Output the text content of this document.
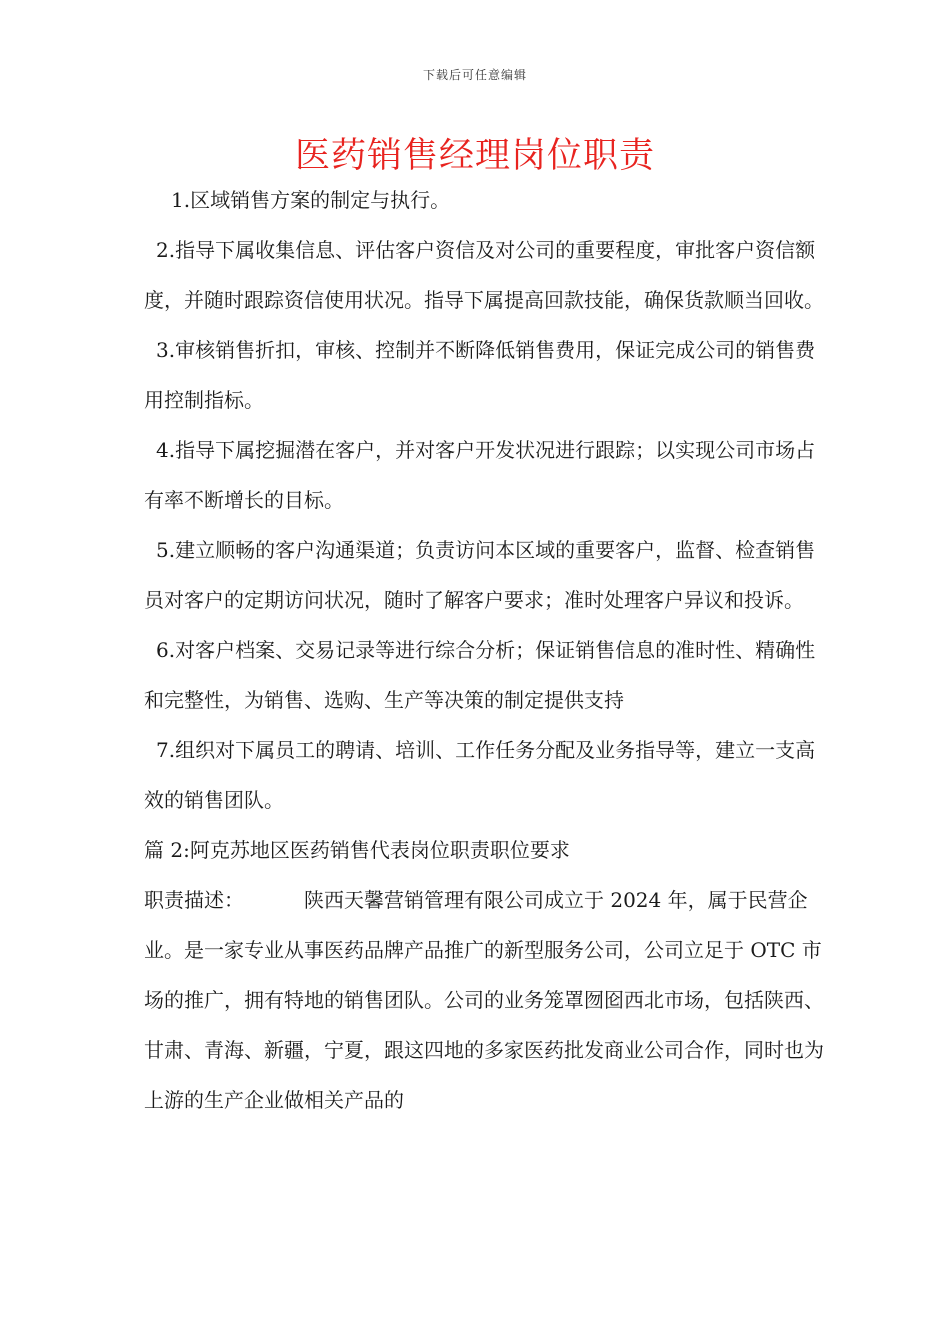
下载后可任意编辑
医药销售经理岗位职责

1.区域销售方案的制定与执行。

2.指导下属收集信息、评估客户资信及对公司的重要程度，审批客户资信额度，并随时跟踪资信使用状况。指导下属提高回款技能，确保货款顺当回收。

3.审核销售折扣，审核、控制并不断降低销售费用，保证完成公司的销售费用控制指标。

4.指导下属挖掘潜在客户，并对客户开发状况进行跟踪；以实现公司市场占有率不断增长的目标。

5.建立顺畅的客户沟通渠道；负责访问本区域的重要客户，监督、检查销售员对客户的定期访问状况，随时了解客户要求；准时处理客户异议和投诉。

6.对客户档案、交易记录等进行综合分析；保证销售信息的准时性、精确性和完整性，为销售、选购、生产等决策的制定提供支持

7.组织对下属员工的聘请、培训、工作任务分配及业务指导等，建立一支高效的销售团队。

篇 2:阿克苏地区医药销售代表岗位职责职位要求

职责描述：	陕西天馨营销管理有限公司成立于 2024 年，属于民营企业。是一家专业从事医药品牌产品推广的新型服务公司，公司立足于 OTC 市场的推广，拥有特地的销售团队。公司的业务笼罩囫囵西北市场，包括陕西、甘肃、青海、新疆，宁夏，跟这四地的多家医药批发商业公司合作，同时也为上游的生产企业做相关产品的
